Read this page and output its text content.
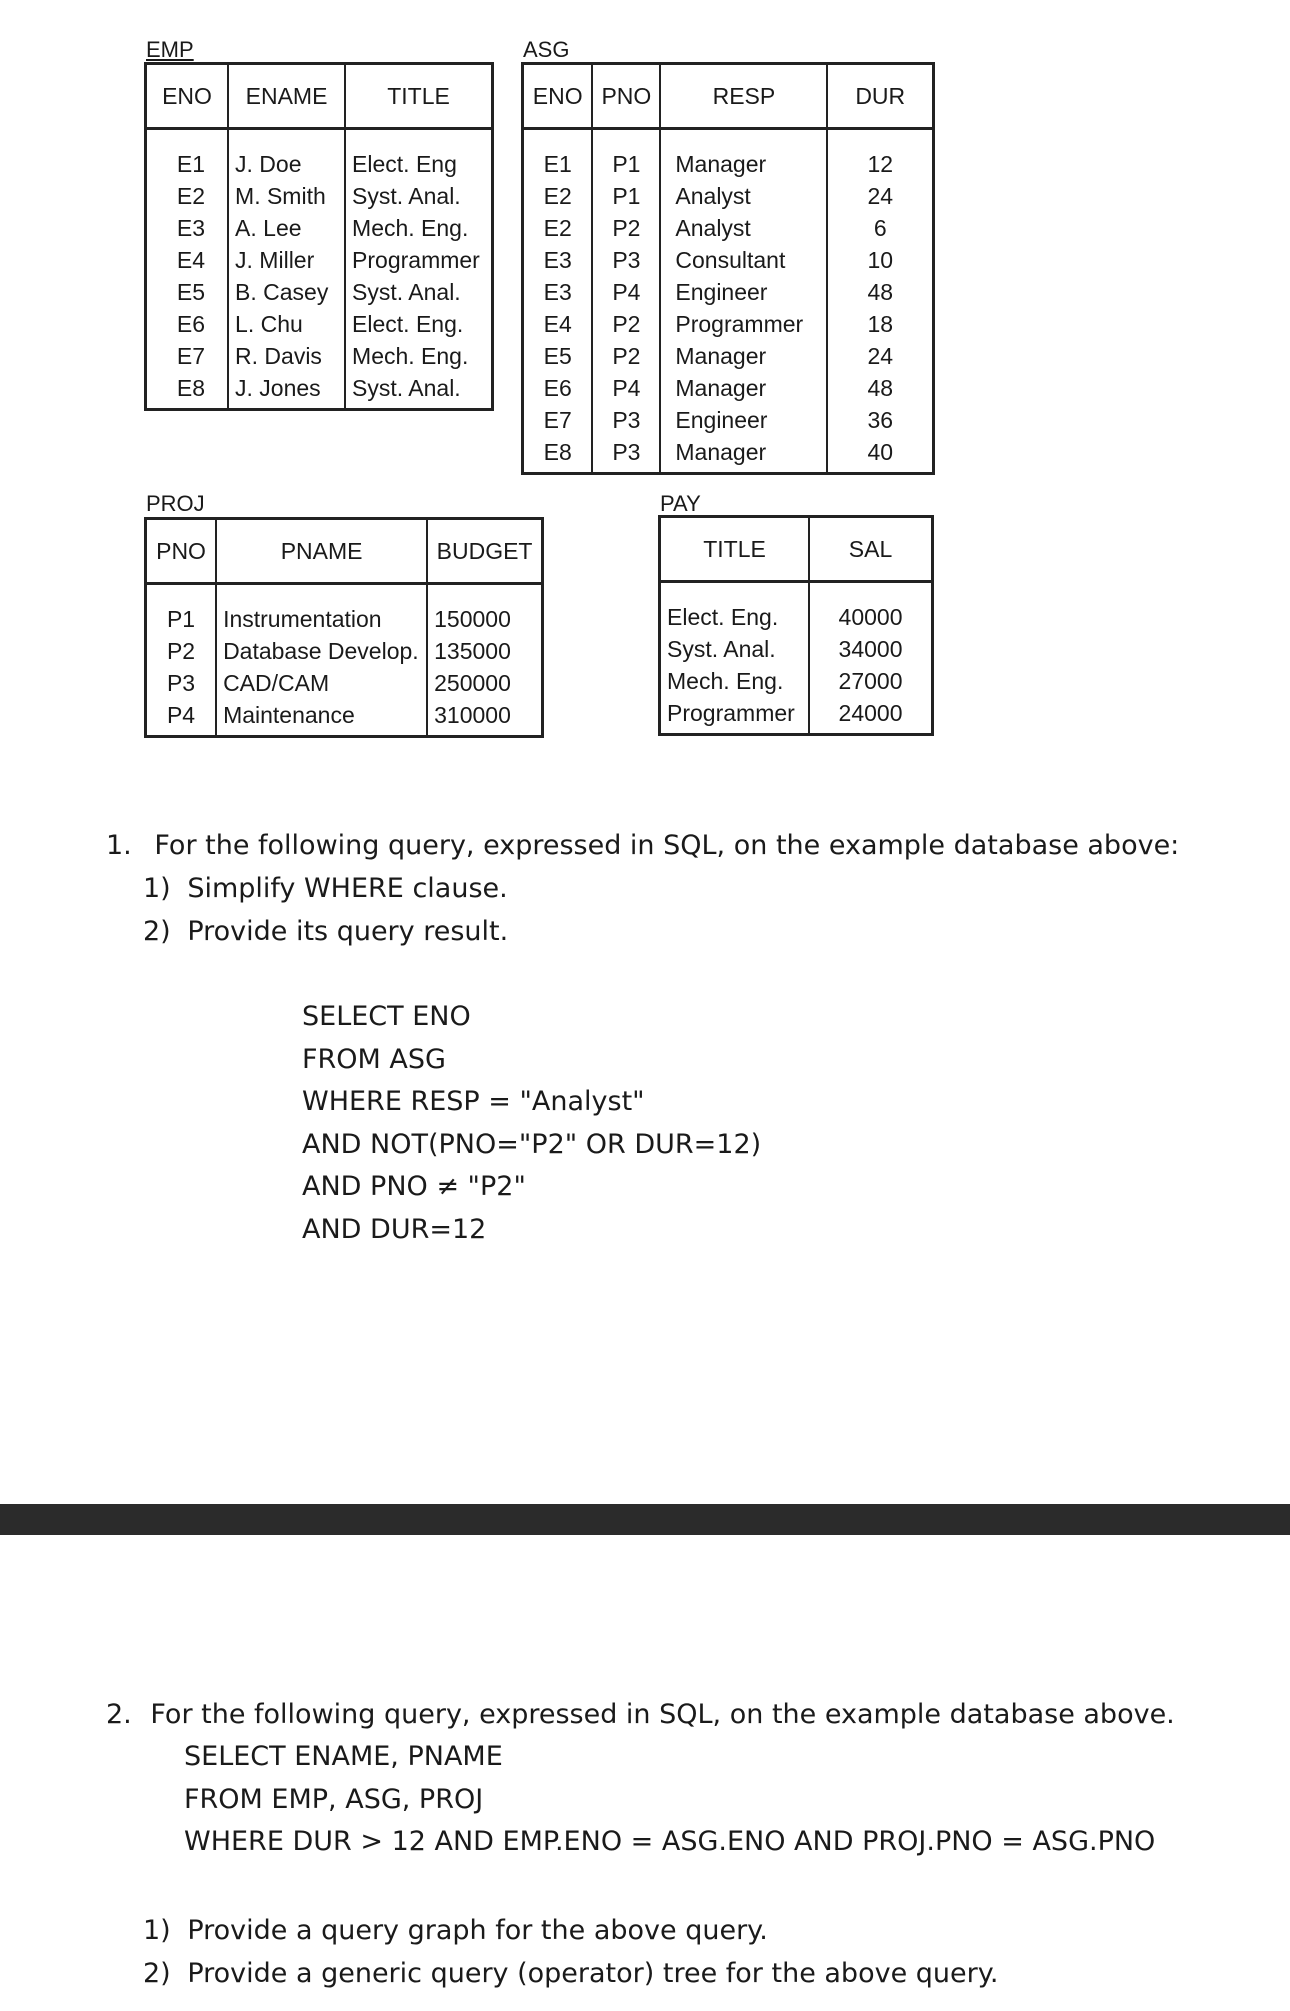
EMP
ENO	ENAME	TITLE
E1	J. Doe	Elect. Eng
E2	M. Smith	Syst. Anal.
E3	A. Lee	Mech. Eng.
E4	J. Miller	Programmer
E5	B. Casey	Syst. Anal.
E6	L. Chu	Elect. Eng.
E7	R. Davis	Mech. Eng.
E8	J. Jones	Syst. Anal.
ASG
ENO	PNO	RESP	DUR
E1	P1	Manager	12
E2	P1	Analyst	24
E2	P2	Analyst	6
E3	P3	Consultant	10
E3	P4	Engineer	48
E4	P2	Programmer	18
E5	P2	Manager	24
E6	P4	Manager	48
E7	P3	Engineer	36
E8	P3	Manager	40
PROJ
PNO	PNAME	BUDGET
P1	Instrumentation	150000
P2	Database Develop.	135000
P3	CAD/CAM	250000
P4	Maintenance	310000
PAY
TITLE	SAL
Elect. Eng.	40000
Syst. Anal.	34000
Mech. Eng.	27000
Programmer	24000
1. For the following query, expressed in SQL, on the example database above:
1) Simplify WHERE clause.
2) Provide its query result.
SELECT ENO
FROM ASG
WHERE RESP = "Analyst"
AND NOT(PNO="P2" OR DUR=12)
AND PNO ≠ "P2"
AND DUR=12
2. For the following query, expressed in SQL, on the example database above.
SELECT ENAME, PNAME
FROM EMP, ASG, PROJ
WHERE DUR > 12 AND EMP.ENO = ASG.ENO AND PROJ.PNO = ASG.PNO
1) Provide a query graph for the above query.
2) Provide a generic query (operator) tree for the above query.
